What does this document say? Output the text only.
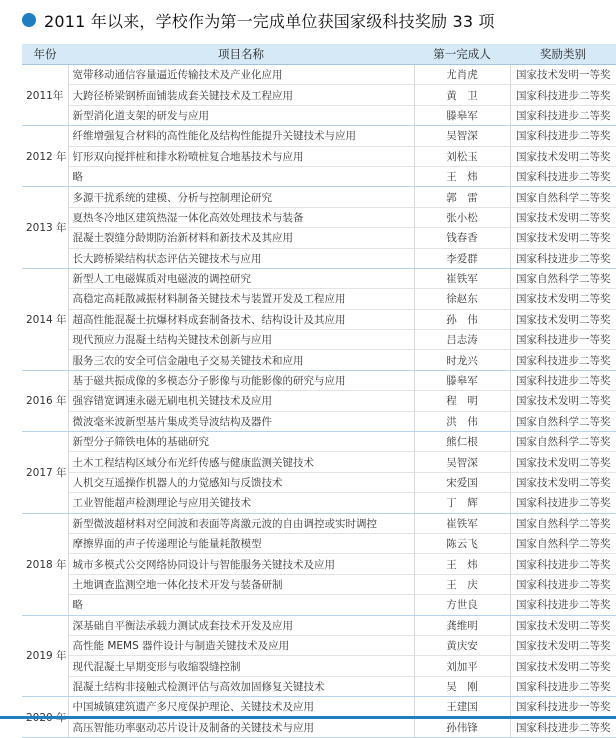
2011 年以来，学校作为第一完成单位获国家级科技奖励 33 项
年份	项目名称	第一完成人	奖励类别
2011年	宽带移动通信容量逼近传输技术及产业化应用	尤肖虎	国家技术发明一等奖
	大跨径桥梁钢桥面铺装成套关键技术及工程应用	黄　卫	国家科技进步二等奖
	新型消化道支架的研发与应用	滕皋军	国家科技进步二等奖
2012 年	纤维增强复合材料的高性能化及结构性能提升关键技术与应用	吴智深	国家科技进步二等奖
	钉形双向搅拌桩和排水粉喷桩复合地基技术与应用	刘松玉	国家技术发明二等奖
	略	王　炜	国家科技进步二等奖
2013 年	多源干扰系统的建模、分析与控制理论研究	郭　雷	国家自然科学二等奖
	夏热冬冷地区建筑热湿一体化高效处理技术与装备	张小松	国家技术发明二等奖
	混凝土裂缝分龄期防治新材料和新技术及其应用	钱春香	国家技术发明二等奖
	长大跨桥梁结构状态评估关键技术与应用	李爱群	国家科技进步二等奖
2014 年	新型人工电磁媒质对电磁波的调控研究	崔铁军	国家自然科学二等奖
	高稳定高耗散减振材料制备关键技术与装置开发及工程应用	徐赵东	国家技术发明二等奖
	超高性能混凝土抗爆材料成套制备技术、结构设计及其应用	孙　伟	国家技术发明二等奖
	现代预应力混凝土结构关键技术创新与应用	吕志涛	国家科技进步一等奖
	服务三农的安全可信金融电子交易关键技术和应用	时龙兴	国家科技进步二等奖
2016 年	基于磁共振成像的多模态分子影像与功能影像的研究与应用	滕皋军	国家科技进步二等奖
	强容错宽调速永磁无刷电机关键技术及应用	程　明	国家技术发明二等奖
	微波毫米波新型基片集成类导波结构及器件	洪　伟	国家自然科学二等奖
2017 年	新型分子筛铁电体的基础研究	熊仁根	国家自然科学二等奖
	土木工程结构区域分布光纤传感与健康监测关键技术	吴智深	国家技术发明二等奖
	人机交互遥操作机器人的力觉感知与反馈技术	宋爱国	国家技术发明二等奖
	工业智能超声检测理论与应用关键技术	丁　辉	国家科技进步二等奖
2018 年	新型微波超材料对空间波和表面等离激元波的自由调控或实时调控	崔铁军	国家自然科学二等奖
	摩擦界面的声子传递理论与能量耗散模型	陈云飞	国家自然科学二等奖
	城市多模式公交网络协同设计与智能服务关键技术及应用	王　炜	国家科技进步二等奖
	土地调查监测空地一体化技术开发与装备研制	王　庆	国家科技进步二等奖
	略	方世良	国家科技进步二等奖
2019 年	深基础自平衡法承载力测试成套技术开发及应用	龚维明	国家技术发明二等奖
	高性能 MEMS 器件设计与制造关键技术及应用	黄庆安	国家技术发明二等奖
	现代混凝土早期变形与收缩裂缝控制	刘加平	国家技术发明二等奖
	混凝土结构非接触式检测评估与高效加固修复关键技术	吴　刚	国家科技进步二等奖
	中国城镇建筑遗产多尺度保护理论、关键技术及应用	王建国	国家科技进步一等奖
	高压智能功率驱动芯片设计及制备的关键技术与应用	孙伟锋	国家科技进步二等奖
